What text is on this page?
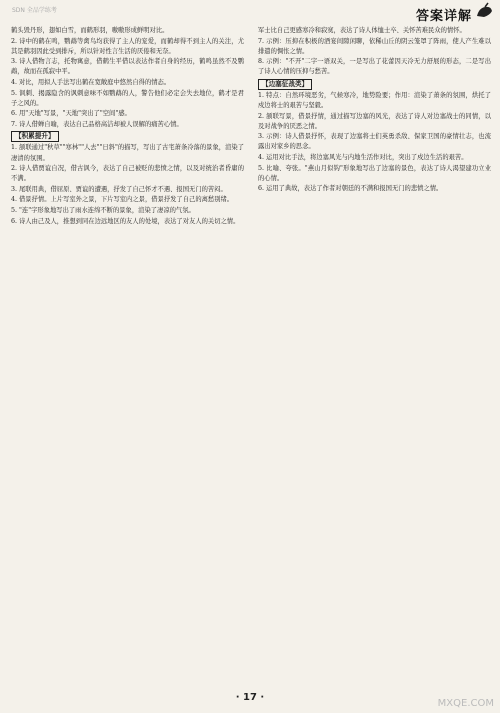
SDN 全品学练考	答案详解

鹤头毁丹形，翅如白雪，而鹤形羽，嗷嗷形成鲜明对比。

2. 诗中的鹤在鸣，鹦鹉等禽鸟均获得了主人的宠爱，而鹤却得不到主人的关注，尤其是鹤羽因此受到排斥，所以针对性言生活的厌倦和无奈。

3. 诗人借物言志，托物寓意，借鹤生平借以表达作者自身的经历，鹤鸣虽然不及鹦鹉，故而在孤寂中平。

4. 对比，用拟人手法写出鹤在宽敞庭中悠然自得的情态。

5. 讽刺、揭露隐含的讽刺意味不如鹦鹉的人，警告他们必定会失去地位，鹤才是君子之风的。

6. 用"天地"写景，"天地"突出了"空间"感。

7. 诗人借蝉自喻，表达自己品格高洁却被人误解的痛苦心情。

【积累提升】

1. 颔联通过"秋草""寒林""人去""日斜"的描写，写出了古宅萧条冷落的景象，渲染了凄清的氛围。

2. 诗人借贾谊自况，借古讽今，表达了自己被贬的悲愤之情，以及对统治者昏庸的不满。

3. 尾联用典，借屈原、贾谊的遭遇，抒发了自己怀才不遇、报国无门的苦闷。

4. 借景抒情。上片写室外之景，下片写室内之景，借景抒发了自己的离愁别绪。

5. "连"字形象地写出了雨水连绵不断的景象，渲染了凄凉的气氛。

6. 诗人由己及人，推想到同在边远地区的友人的处境，表达了对友人的关切之情。

军士比自己更感寒冷和寂寞，表达了诗人体恤士卒、关怀苦难民众的情怀。

7. 示例：压抑在积极的酒宴间隙闲聊，依稀山丘的阴云笼罩了阵雨，使人产生难以排遣的惆怅之情。

8. 示例："不开"二字一语双关，一是写出了花蕾因天冷无力舒展的形态，二是写出了诗人心情的压抑与愁苦。

【边塞征战类】

1. 特点：自然环境恶劣，气候寒冷，地势险要；作用：渲染了萧条的氛围，烘托了戍边将士的艰苦与坚毅。

2. 颔联写景，借景抒情，通过描写边塞的风光，表达了诗人对边塞战士的同情，以及对战争的厌恶之情。

3. 示例：诗人借景抒怀，表现了边塞将士们英勇杀敌、保家卫国的豪情壮志，也流露出对家乡的思念。

4. 运用对比手法，将边塞风光与内地生活作对比，突出了戍边生活的艰苦。

5. 比喻、夸张。"燕山月似钩"形象地写出了边塞的景色，表达了诗人渴望建功立业的心情。

6. 运用了典故，表达了作者对朝廷的不满和报国无门的悲愤之情。

· 17 ·
MXQE.COM
